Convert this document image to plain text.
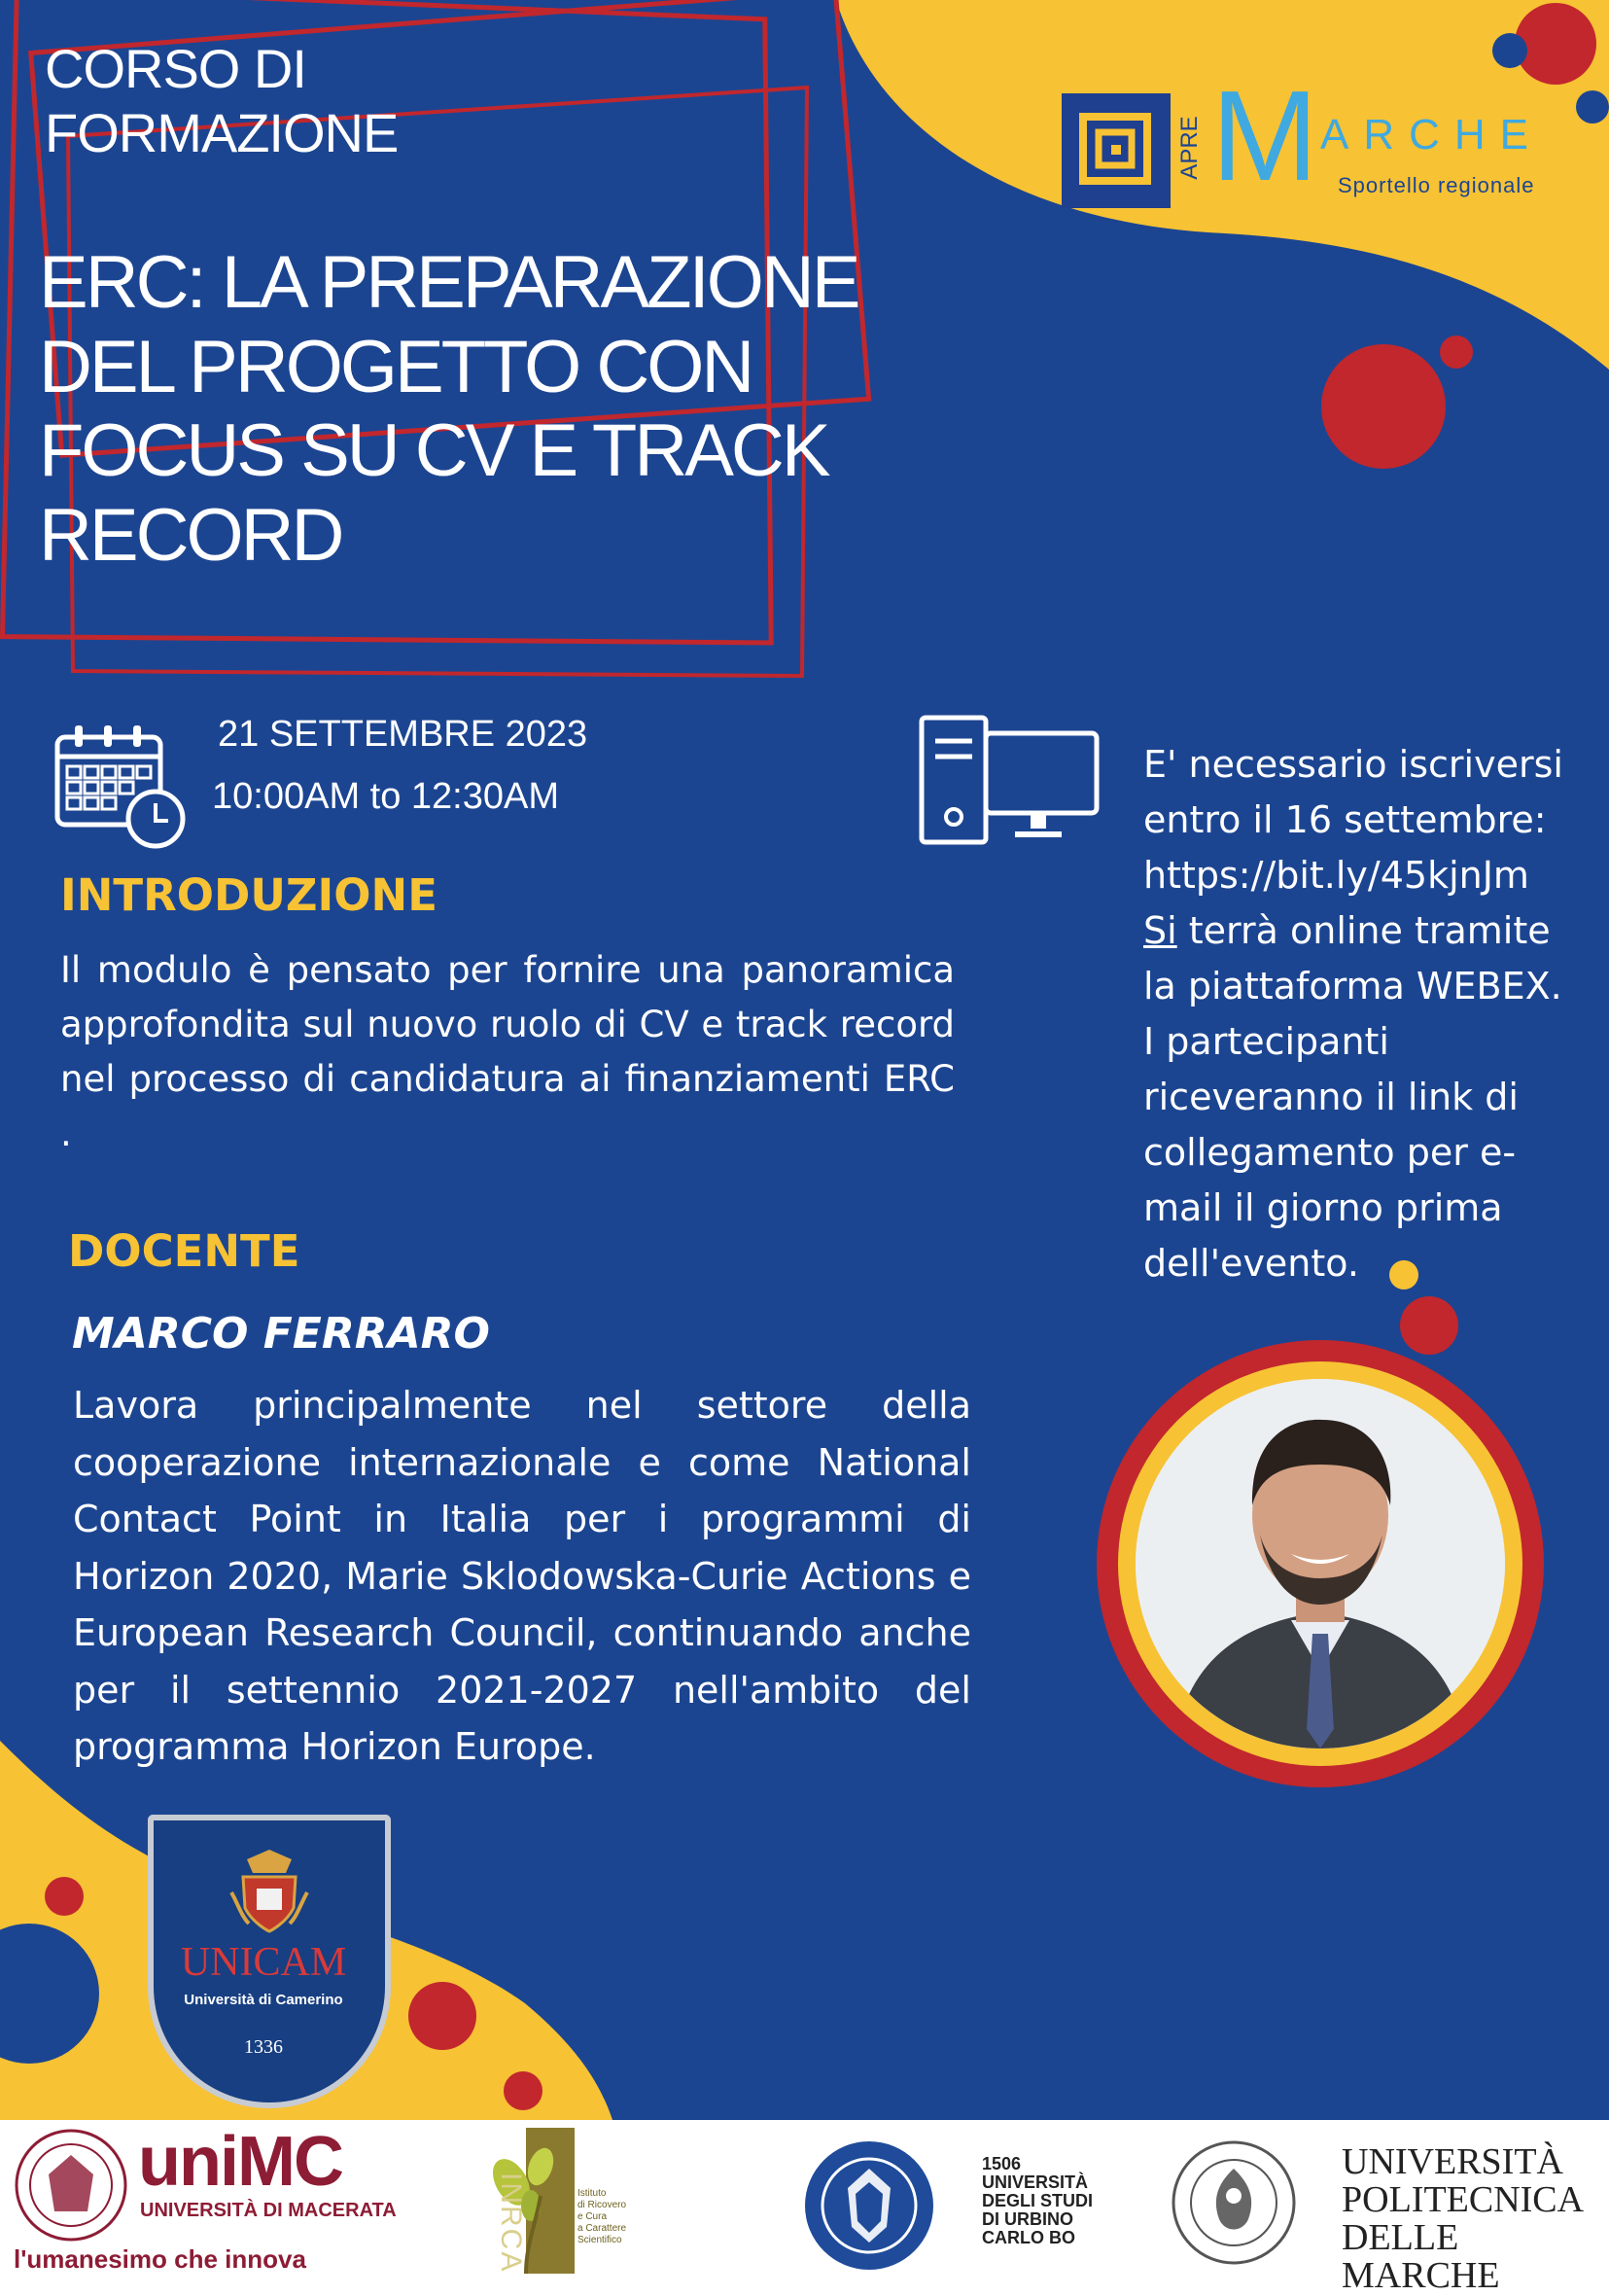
CORSO DI
FORMAZIONE
ERC: LA PREPARAZIONE
DEL PROGETTO CON
FOCUS SU CV E TRACK
RECORD
APRE M ARCHE
Sportello regionale
21 SETTEMBRE 2023
10:00AM to 12:30AM
E' necessario iscriversi
entro il 16 settembre:
https://bit.ly/45kjnJm
Si terrà online tramite
la piattaforma WEBEX.
I partecipanti
riceveranno il link di
collegamento per e-
mail il giorno prima
dell'evento.
INTRODUZIONE
Il modulo è pensato per fornire una panoramica approfondita sul nuovo ruolo di CV e track record nel processo di candidatura ai finanziamenti ERC .
DOCENTE
MARCO FERRARO
Lavora principalmente nel settore della cooperazione internazionale e come National Contact Point in Italia per i programmi di Horizon 2020, Marie Sklodowska-Curie Actions e European Research Council, continuando anche per il settennio 2021-2027 nell'ambito del programma Horizon Europe.
UNICAM
Università di Camerino
1336
uniMC
UNIVERSITÀ DI MACERATA
l'umanesimo che innova	INRCA	Istituto
di Ricovero
e Cura
a Carattere
Scientifico
1506
UNIVERSITÀ
DEGLI STUDI
DI URBINO
CARLO BO
UNIVERSITÀ
POLITECNICA
DELLE MARCHE
